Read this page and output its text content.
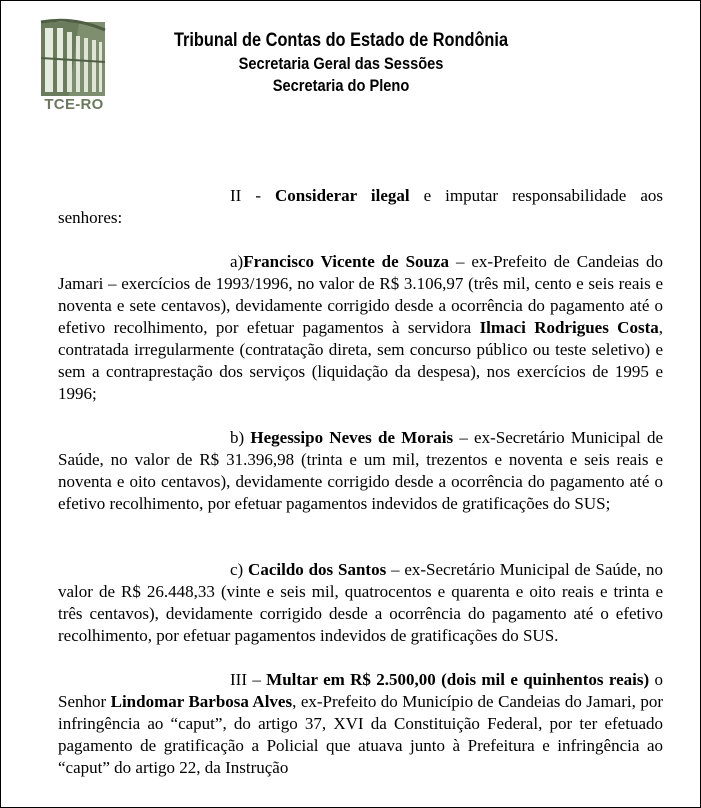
TCE-RO
Tribunal de Contas do Estado de Rondônia
Secretaria Geral das Sessões
Secretaria do Pleno

II - Considerar ilegal e imputar responsabilidade aos senhores:

a)Francisco Vicente de Souza – ex-Prefeito de Candeias do Jamari – exercícios de 1993/1996, no valor de R$ 3.106,97 (três mil, cento e seis reais e noventa e sete centavos), devidamente corrigido desde a ocorrência do pagamento até o efetivo recolhimento, por efetuar pagamentos à servidora Ilmaci Rodrigues Costa, contratada irregularmente (contratação direta, sem concurso público ou teste seletivo) e sem a contraprestação dos serviços (liquidação da despesa), nos exercícios de 1995 e 1996;

b) Hegessipo Neves de Morais – ex-Secretário Municipal de Saúde, no valor de R$ 31.396,98 (trinta e um mil, trezentos e noventa e seis reais e noventa e oito centavos), devidamente corrigido desde a ocorrência do pagamento até o efetivo recolhimento, por efetuar pagamentos indevidos de gratificações do SUS;

c) Cacildo dos Santos – ex-Secretário Municipal de Saúde, no valor de R$ 26.448,33 (vinte e seis mil, quatrocentos e quarenta e oito reais e trinta e três centavos), devidamente corrigido desde a ocorrência do pagamento até o efetivo recolhimento, por efetuar pagamentos indevidos de gratificações do SUS.

III – Multar em R$ 2.500,00 (dois mil e quinhentos reais) o Senhor Lindomar Barbosa Alves, ex-Prefeito do Município de Candeias do Jamari, por infringência ao “caput”, do artigo 37, XVI da Constituição Federal, por ter efetuado pagamento de gratificação a Policial que atuava junto à Prefeitura e infringência ao “caput” do artigo 22, da Instrução
